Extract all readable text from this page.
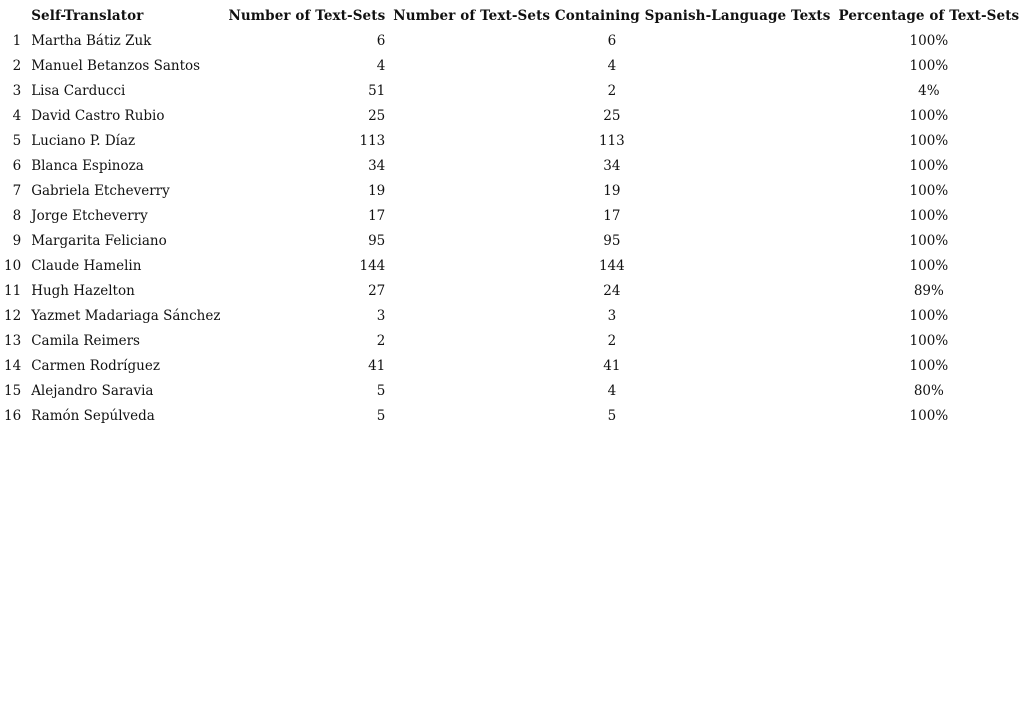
	Self-Translator	Number of Text-Sets	Number of Text-Sets Containing Spanish-Language Texts	Percentage of Text-Sets
1	Martha Bátiz Zuk	6	6	100%
2	Manuel Betanzos Santos	4	4	100%
3	Lisa Carducci	51	2	4%
4	David Castro Rubio	25	25	100%
5	Luciano P. Díaz	113	113	100%
6	Blanca Espinoza	34	34	100%
7	Gabriela Etcheverry	19	19	100%
8	Jorge Etcheverry	17	17	100%
9	Margarita Feliciano	95	95	100%
10	Claude Hamelin	144	144	100%
11	Hugh Hazelton	27	24	89%
12	Yazmet Madariaga Sánchez	3	3	100%
13	Camila Reimers	2	2	100%
14	Carmen Rodríguez	41	41	100%
15	Alejandro Saravia	5	4	80%
16	Ramón Sepúlveda	5	5	100%
